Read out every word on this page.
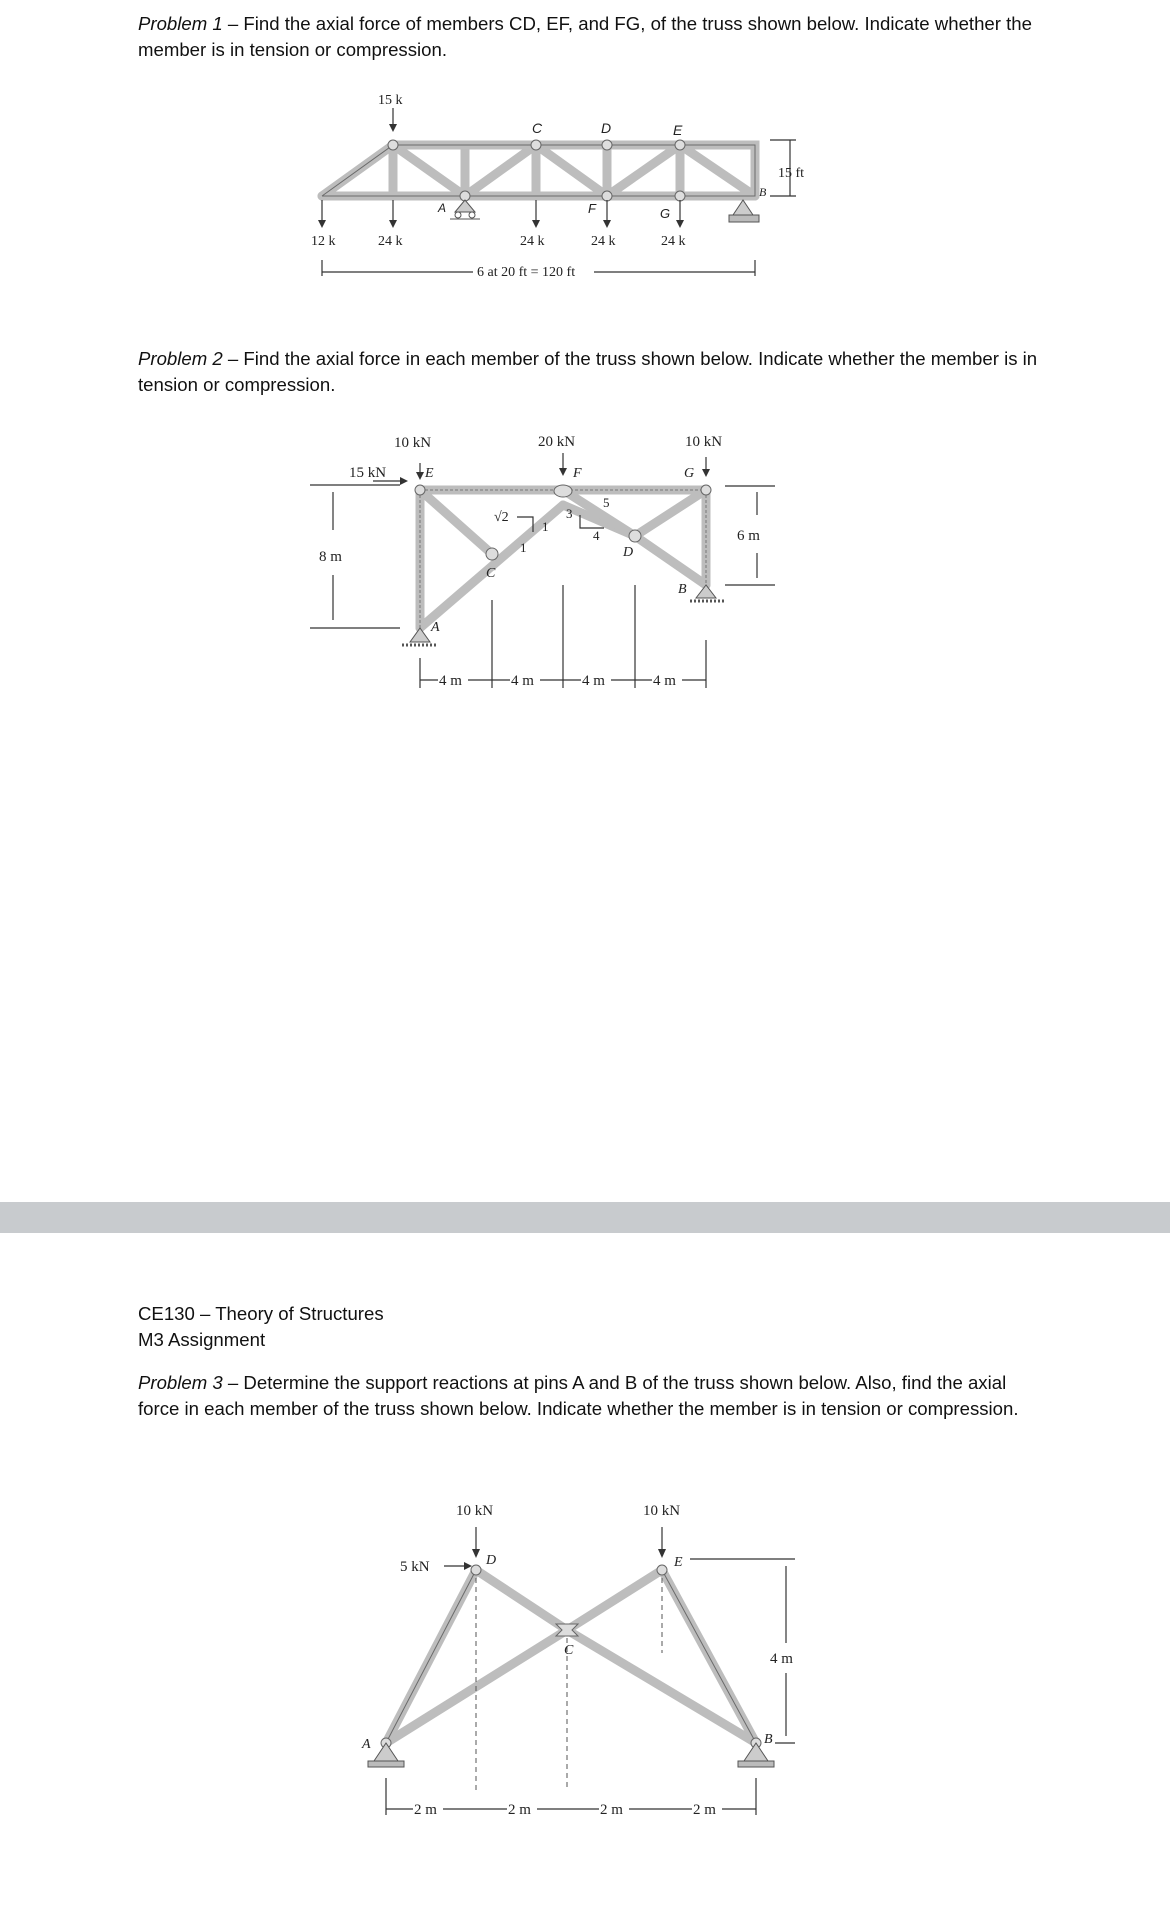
Problem 1 – Find the axial force of members CD, EF, and FG, of the truss shown below. Indicate whether the member is in tension or compression.

15 k
12 k	24 k	24 k	24 k	24 k
C	D	E
A	F	G
B
15 ft
6 at 20 ft = 120 ft

Problem 2 – Find the axial force in each member of the truss shown below. Indicate whether the member is in tension or compression.

√2
1
1
5
3
4
10 kN	20 kN	10 kN
15 kN	E	F	G
C
D
B
A
8 m
6 m
4 m	4 m	4 m	4 m

CE130 – Theory of Structures

M3 Assignment

Problem 3 – Determine the support reactions at pins A and B of the truss shown below. Also, find the axial force in each member of the truss shown below. Indicate whether the member is in tension or compression.

10 kN	10 kN
5 kN	D	E
C
A	B
4 m
2 m	2 m	2 m	2 m
